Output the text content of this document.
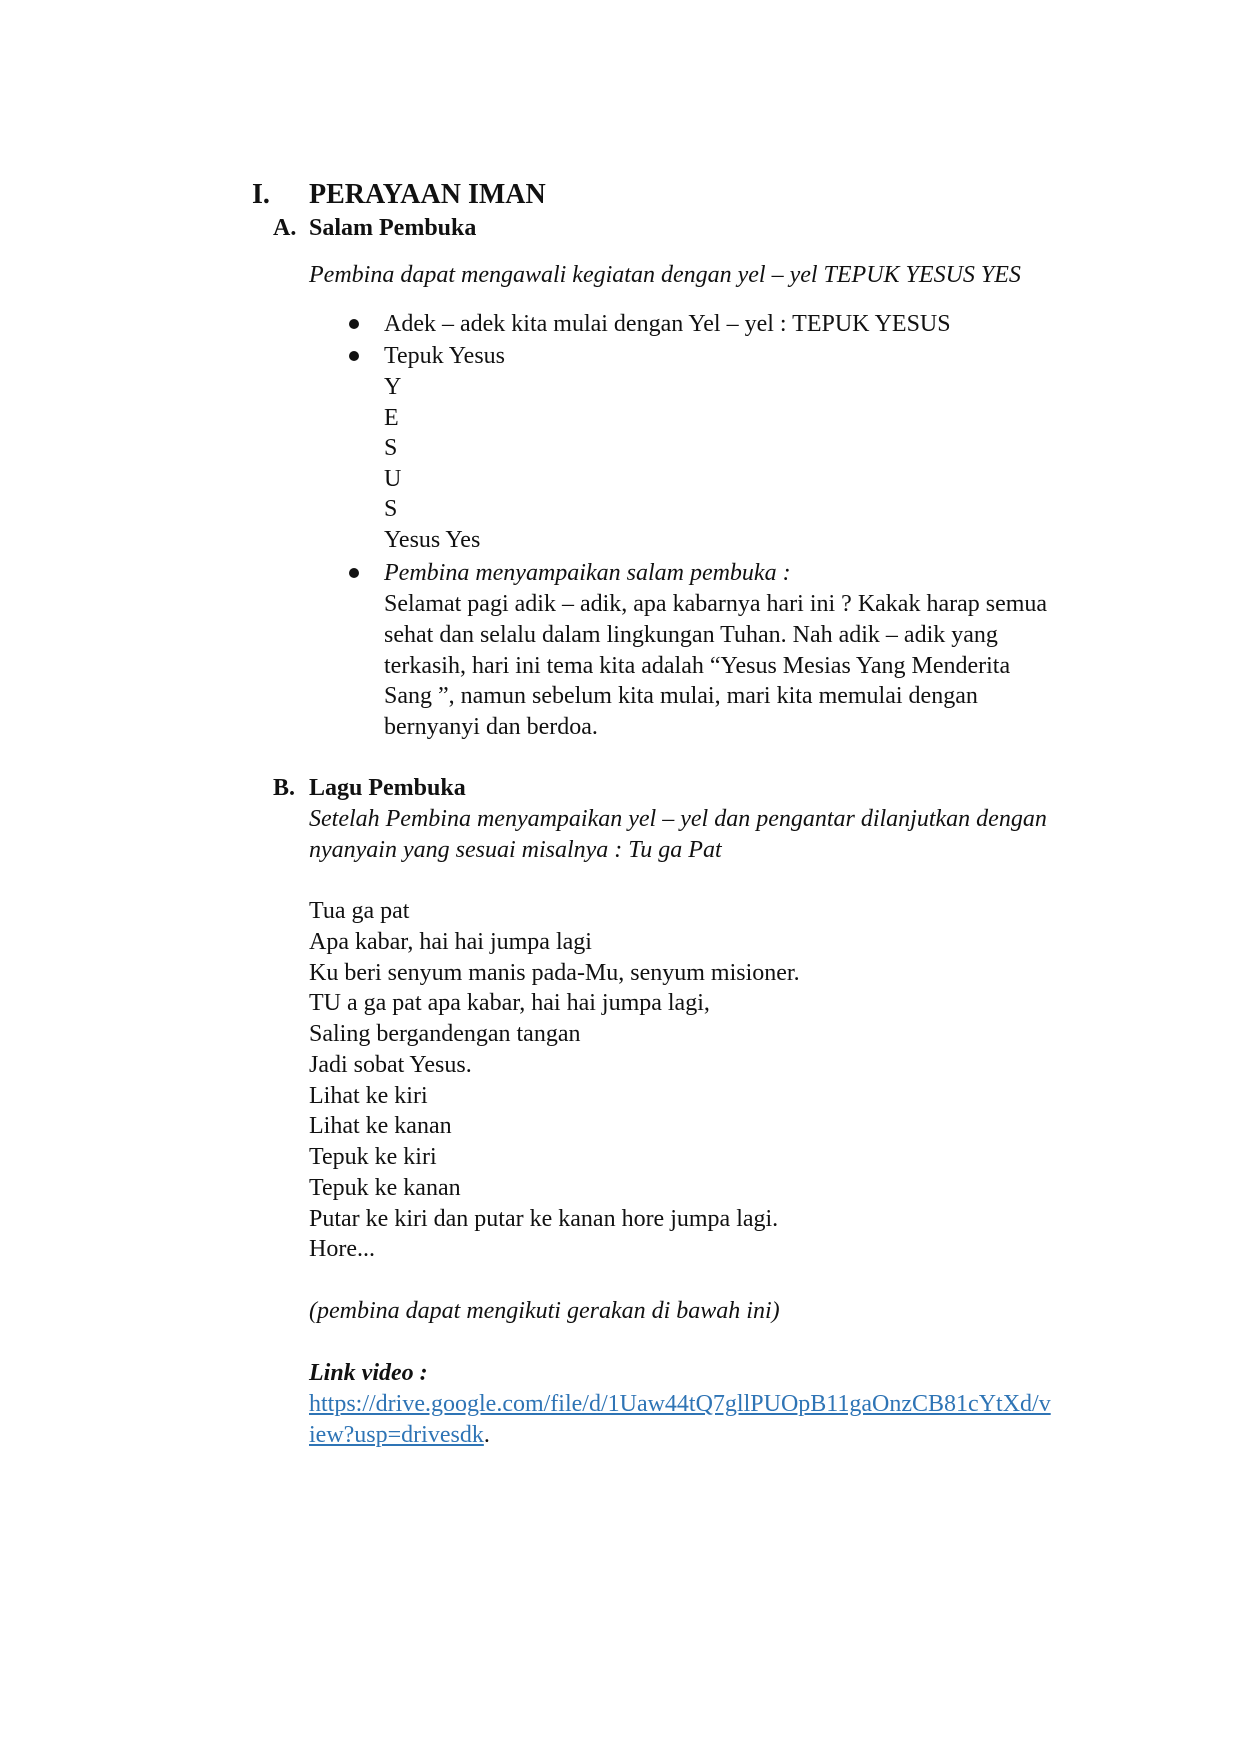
I. PERAYAAN IMAN
A. Salam Pembuka
Pembina dapat mengawali kegiatan dengan yel – yel TEPUK YESUS YES
Adek – adek kita mulai dengan Yel – yel : TEPUK YESUS
Tepuk Yesus
Y
E
S
U
S
Yesus Yes
Pembina menyampaikan salam pembuka :
Selamat pagi adik – adik, apa kabarnya hari ini ? Kakak harap semua
sehat dan selalu dalam lingkungan Tuhan. Nah adik – adik yang
terkasih, hari ini tema kita adalah “Yesus Mesias Yang Menderita
Sang ”, namun sebelum kita mulai, mari kita memulai dengan
bernyanyi dan berdoa.
B. Lagu Pembuka
Setelah Pembina menyampaikan yel – yel dan pengantar dilanjutkan dengan
nyanyain yang sesuai misalnya : Tu ga Pat
Tua ga pat
Apa kabar, hai hai jumpa lagi
Ku beri senyum manis pada-Mu, senyum misioner.
TU a ga pat apa kabar, hai hai jumpa lagi,
Saling bergandengan tangan
Jadi sobat Yesus.
Lihat ke kiri
Lihat ke kanan
Tepuk ke kiri
Tepuk ke kanan
Putar ke kiri dan putar ke kanan hore jumpa lagi.
Hore...
(pembina dapat mengikuti gerakan di bawah ini)
Link video :
https://drive.google.com/file/d/1Uaw44tQ7gllPUOpB11gaOnzCB81cYtXd/v
iew?usp=drivesdk.
